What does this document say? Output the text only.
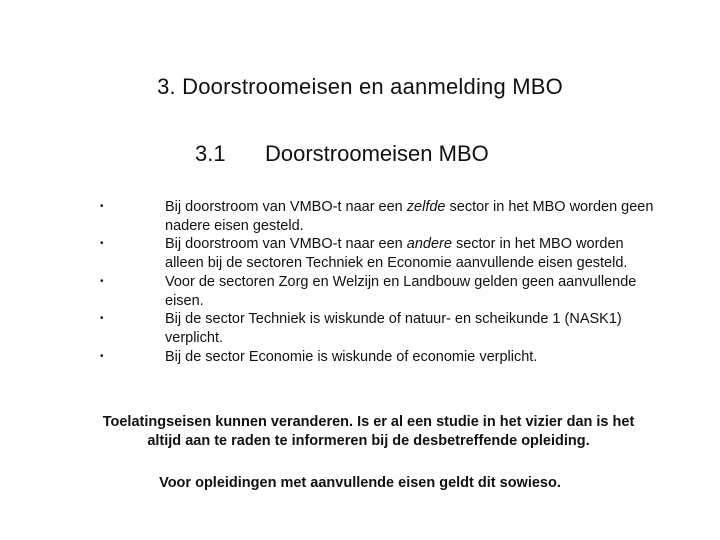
3. Doorstroomeisen en aanmelding MBO
3.1 Doorstroomeisen MBO
•	Bij doorstroom van VMBO-t naar een zelfde sector in het MBO worden geen nadere eisen gesteld.
•	Bij doorstroom van VMBO-t naar een andere sector in het MBO worden alleen bij de sectoren Techniek en Economie aanvullende eisen gesteld.
•	Voor de sectoren Zorg en Welzijn en Landbouw gelden geen aanvullende eisen.
•	Bij de sector Techniek is wiskunde of natuur- en scheikunde 1 (NASK1) verplicht.
•	Bij de sector Economie is wiskunde of economie verplicht.
Toelatingseisen kunnen veranderen. Is er al een studie in het vizier dan is het altijd aan te raden te informeren bij de desbetreffende opleiding.
Voor opleidingen met aanvullende eisen geldt dit sowieso.
